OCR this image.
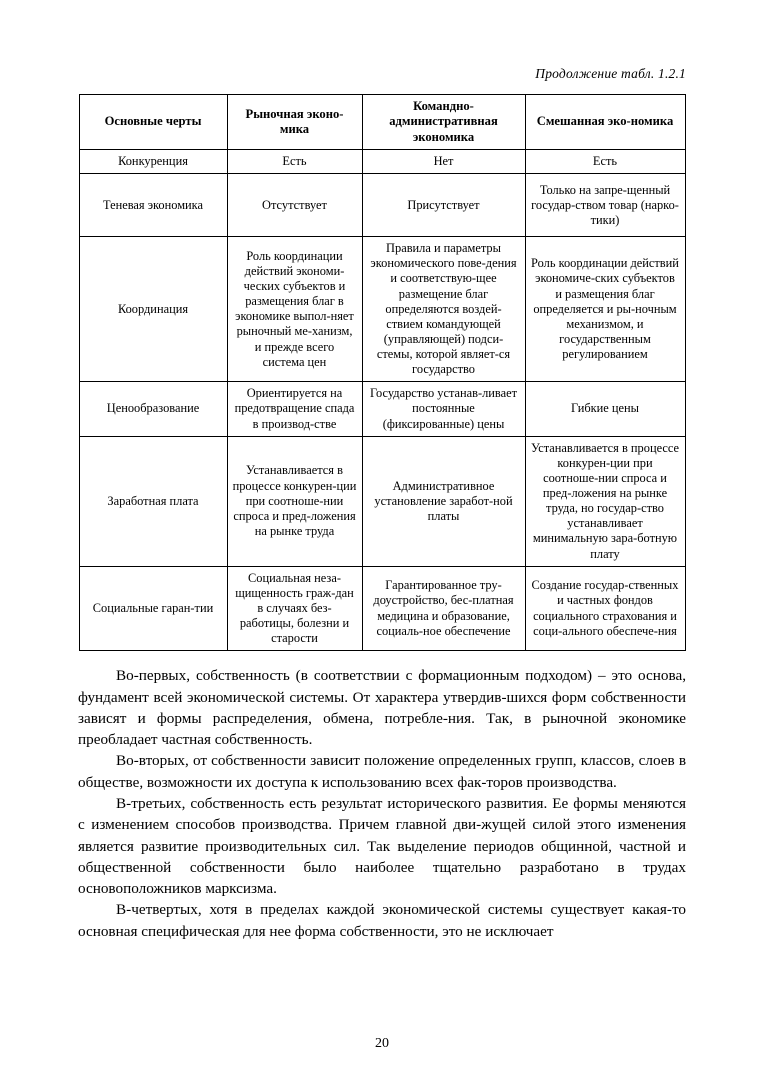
Продолжение табл. 1.2.1
Основные черты	Рыночная эконо-мика	Командно-административная экономика	Смешанная эко-номика
Конкуренция	Есть	Нет	Есть
Теневая экономика	Отсутствует	Присутствует	Только на запре-щенный государ-ством товар (нарко-тики)
Координация	Роль координации действий экономи-ческих субъектов и размещения благ в экономике выпол-няет рыночный ме-ханизм, и прежде всего система цен	Правила и параметры экономического пове-дения и соответствую-щее размещение благ определяются воздей-ствием командующей (управляющей) подси-стемы, которой являет-ся государство	Роль координации действий экономиче-ских субъектов и размещения благ определяется и ры-ночным механизмом, и государственным регулированием
Ценообразование	Ориентируется на предотвращение спада в производ-стве	Государство устанав-ливает постоянные (фиксированные) цены	Гибкие цены
Заработная плата	Устанавливается в процессе конкурен-ции при соотноше-нии спроса и пред-ложения на рынке труда	Административное установление заработ-ной платы	Устанавливается в процессе конкурен-ции при соотноше-нии спроса и пред-ложения на рынке труда, но государ-ство устанавливает минимальную зара-ботную плату
Социальные гаран-тии	Социальная неза-щищенность граж-дан в случаях без-работицы, болезни и старости	Гарантированное тру-доустройство, бес-платная медицина и образование, социаль-ное обеспечение	Создание государ-ственных и частных фондов социального страхования и соци-ального обеспече-ния

Во-первых, собственность (в соответствии с формационным подходом) – это основа, фундамент всей экономической системы. От характера утвердив-шихся форм собственности зависят и формы распределения, обмена, потребле-ния. Так, в рыночной экономике преобладает частная собственность.

Во-вторых, от собственности зависит положение определенных групп, классов, слоев в обществе, возможности их доступа к использованию всех фак-торов производства.

В-третьих, собственность есть результат исторического развития. Ее формы меняются с изменением способов производства. Причем главной дви-жущей силой этого изменения является развитие производительных сил. Так выделение периодов общинной, частной и общественной собственности было наиболее тщательно разработано в трудах основоположников марксизма.

В-четвертых, хотя в пределах каждой экономической системы существует какая-то основная специфическая для нее форма собственности, это не исключает

20
